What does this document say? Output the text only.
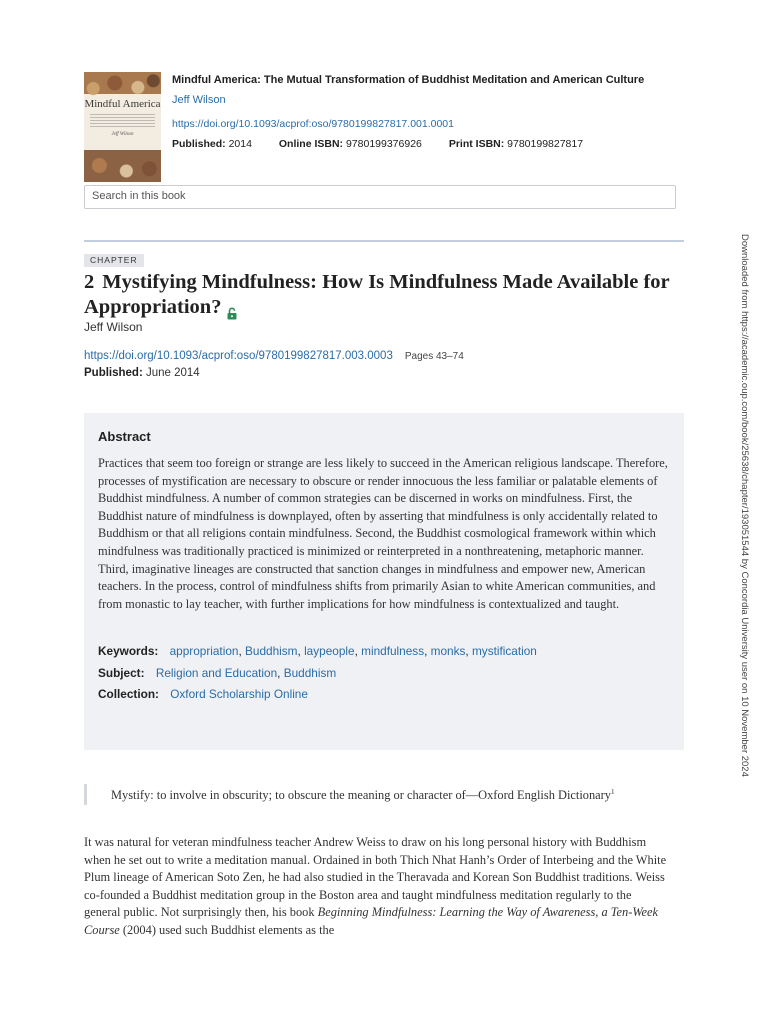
Mindful America
Jeff Wilson
Mindful America: The Mutual Transformation of Buddhist Meditation and American Culture
Jeff Wilson
https://doi.org/10.1093/acprof:oso/9780199827817.001.0001
Published: 2014	Online ISBN: 9780199376926	Print ISBN: 9780199827817
Search in this book
CHAPTER
2 Mystifying Mindfulness: How Is Mindfulness Made Available for Appropriation?
Jeff Wilson
https://doi.org/10.1093/acprof:oso/9780199827817.003.0003 Pages 43–74
Published: June 2014
Abstract
Practices that seem too foreign or strange are less likely to succeed in the American religious landscape. Therefore, processes of mystification are necessary to obscure or render innocuous the less familiar or palatable elements of Buddhist mindfulness. A number of common strategies can be discerned in works on mindfulness. First, the Buddhist nature of mindfulness is downplayed, often by asserting that mindfulness is only accidentally related to Buddhism or that all religions contain mindfulness. Second, the Buddhist cosmological framework within which mindfulness was traditionally practiced is minimized or reinterpreted in a nonthreatening, metaphoric manner. Third, imaginative lineages are constructed that sanction changes in mindfulness and empower new, American teachers. In the process, control of mindfulness shifts from primarily Asian to white American communities, and from monastic to lay teacher, with further implications for how mindfulness is contextualized and taught.
Keywords: appropriation, Buddhism, laypeople, mindfulness, monks, mystification
Subject: Religion and Education, Buddhism
Collection: Oxford Scholarship Online
Mystify: to involve in obscurity; to obscure the meaning or character of—Oxford English Dictionary$^1$

It was natural for veteran mindfulness teacher Andrew Weiss to draw on his long personal history with Buddhism when he set out to write a meditation manual. Ordained in both Thich Nhat Hanh’s Order of Interbeing and the White Plum lineage of American Soto Zen, he had also studied in the Theravada and Korean Son Buddhist traditions. Weiss co-founded a Buddhist meditation group in the Boston area and taught mindfulness meditation regularly to the general public. Not surprisingly then, his book Beginning Mindfulness: Learning the Way of Awareness, a Ten-Week Course (2004) used such Buddhist elements as the

Downloaded from https://academic.oup.com/book/25638/chapter/193051544 by Concordia University user on 10 November 2024
